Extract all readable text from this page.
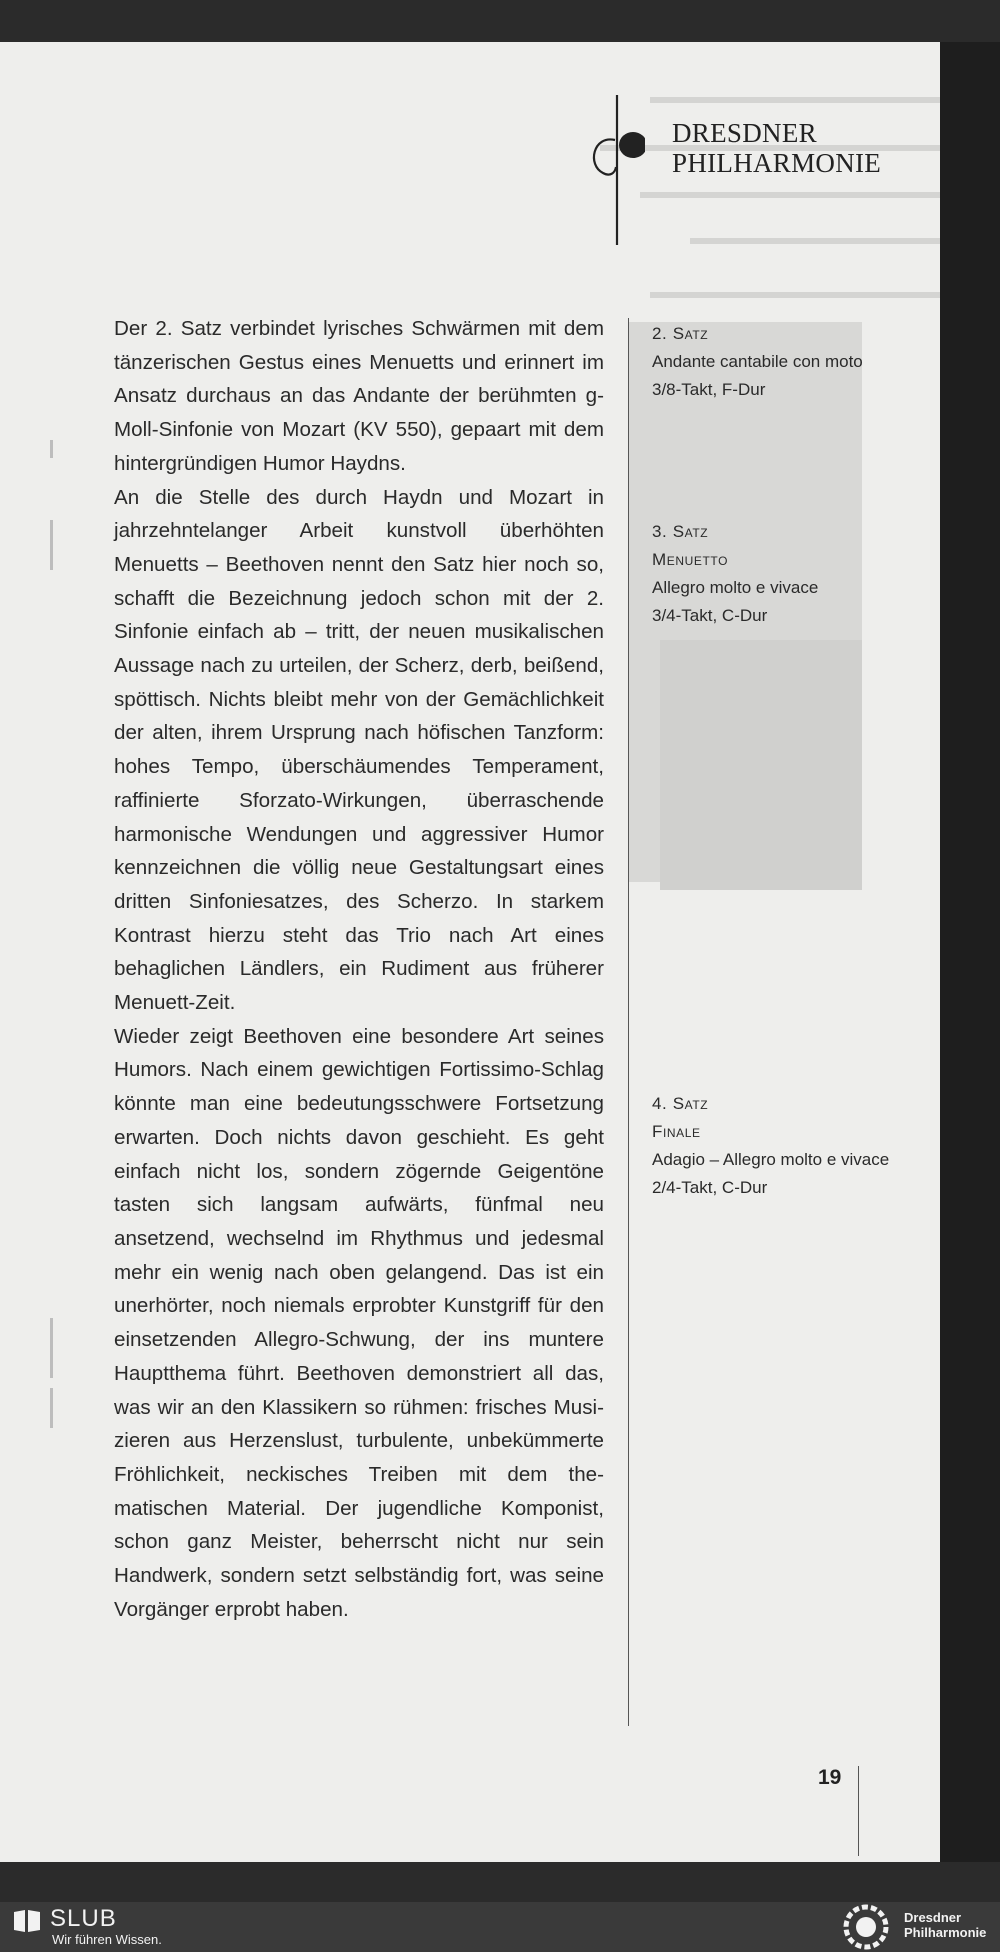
DRESDNER
PHILHARMONIE

Der 2. Satz verbindet lyrisches Schwärmen mit dem tänzerischen Gestus eines Menuetts und erinnert im Ansatz durchaus an das Andante der berühmten g-Moll-Sinfonie von Mozart (KV 550), gepaart mit dem hintergründigen Humor Haydns.

An die Stelle des durch Haydn und Mozart in jahrzehntelanger Arbeit kunstvoll überhöhten Menuetts – Beethoven nennt den Satz hier noch so, schafft die Bezeichnung jedoch schon mit der 2. Sinfonie einfach ab – tritt, der neuen musikalischen Aussage nach zu urteilen, der Scherz, derb, beißend, spöttisch. Nichts bleibt mehr von der Gemächlichkeit der alten, ihrem Ursprung nach höfischen Tanzform: hohes Tempo, überschäumendes Temperament, raffinierte Sforzato-Wirkungen, überraschende harmonische Wendungen und aggressiver Humor kennzeichnen die völlig neue Gestaltungsart eines dritten Sinfoniesatzes, des Scherzo. In starkem Kontrast hierzu steht das Trio nach Art eines behaglichen Ländlers, ein Rudiment aus früherer Menuett-Zeit.

Wieder zeigt Beethoven eine besondere Art seines Humors. Nach einem gewichtigen Fortissimo-Schlag könnte man eine bedeutungsschwere Fortsetzung erwarten. Doch nichts davon geschieht. Es geht einfach nicht los, sondern zögernde Geigentöne tasten sich langsam aufwärts, fünfmal neu ansetzend, wechselnd im Rhythmus und jedesmal mehr ein wenig nach oben gelangend. Das ist ein unerhörter, noch niemals erprobter Kunstgriff für den einsetzenden Allegro-Schwung, der ins muntere Hauptthema führt. Beethoven demonstriert all das, was wir an den Klassikern so rühmen: frisches Musizieren aus Herzenslust, turbulente, unbekümmerte Fröhlichkeit, neckisches Treiben mit dem thematischen Material. Der jugendliche Komponist, schon ganz Meister, beherrscht nicht nur sein Handwerk, sondern setzt selbständig fort, was seine Vorgänger erprobt haben.

2. Satz
Andante cantabile con moto
3/8-Takt, F-Dur
3. Satz
Menuetto
Allegro molto e vivace
3/4-Takt, C-Dur
4. Satz
Finale
Adagio – Allegro molto e vivace
2/4-Takt, C-Dur
19
SLUB
Wir führen Wissen.
Dresdner
Philharmonie
